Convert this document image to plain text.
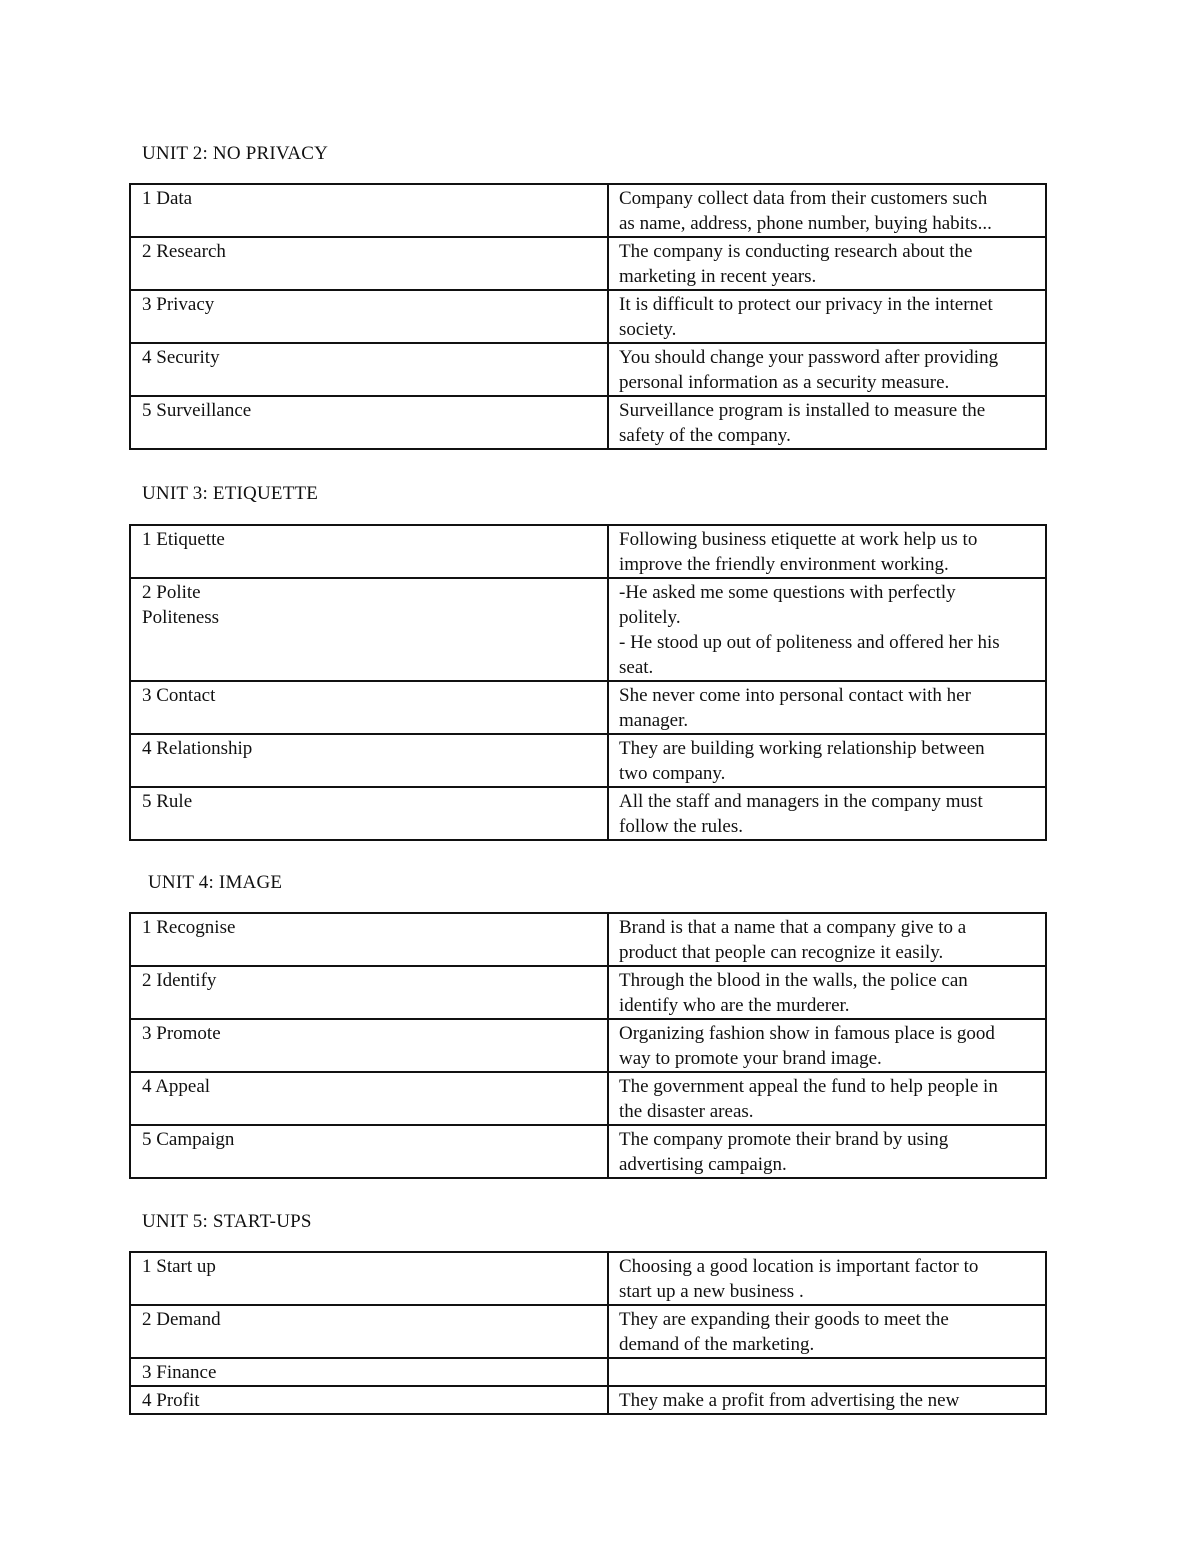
UNIT 2: NO PRIVACY
1 Data	Company collect data from their customers such
as name, address, phone number, buying habits...

2 Research	The company is conducting research about the
marketing in recent years.

3 Privacy	It is difficult to protect our privacy in the internet
society.

4 Security	You should change your password after providing
personal information as a security measure.

5 Surveillance	Surveillance program is installed to measure the
safety of the company.
UNIT 3: ETIQUETTE
1 Etiquette	Following business etiquette at work help us to
improve the friendly environment working.

2 Polite
Politeness	-He asked me some questions with perfectly
politely.
- He stood up out of politeness and offered her his
seat.

3 Contact	She never come into personal contact with her
manager.

4 Relationship	They are building working relationship between
two company.

5 Rule	All the staff and managers in the company must
follow the rules.
UNIT 4: IMAGE
1 Recognise	Brand is that a name that a company give to a
product that people can recognize it easily.

2 Identify	Through the blood in the walls, the police can
identify who are the murderer.

3 Promote	Organizing fashion show in famous place is good
way to promote your brand image.

4 Appeal	The government appeal the fund to help people in
the disaster areas.

5 Campaign	The company promote their brand by using
advertising campaign.
UNIT 5: START-UPS
1 Start up	Choosing a good location is important factor to
start up a new business .

2 Demand	They are expanding their goods to meet the
demand of the marketing.

3 Finance	

4 Profit	They make a profit from advertising the new
